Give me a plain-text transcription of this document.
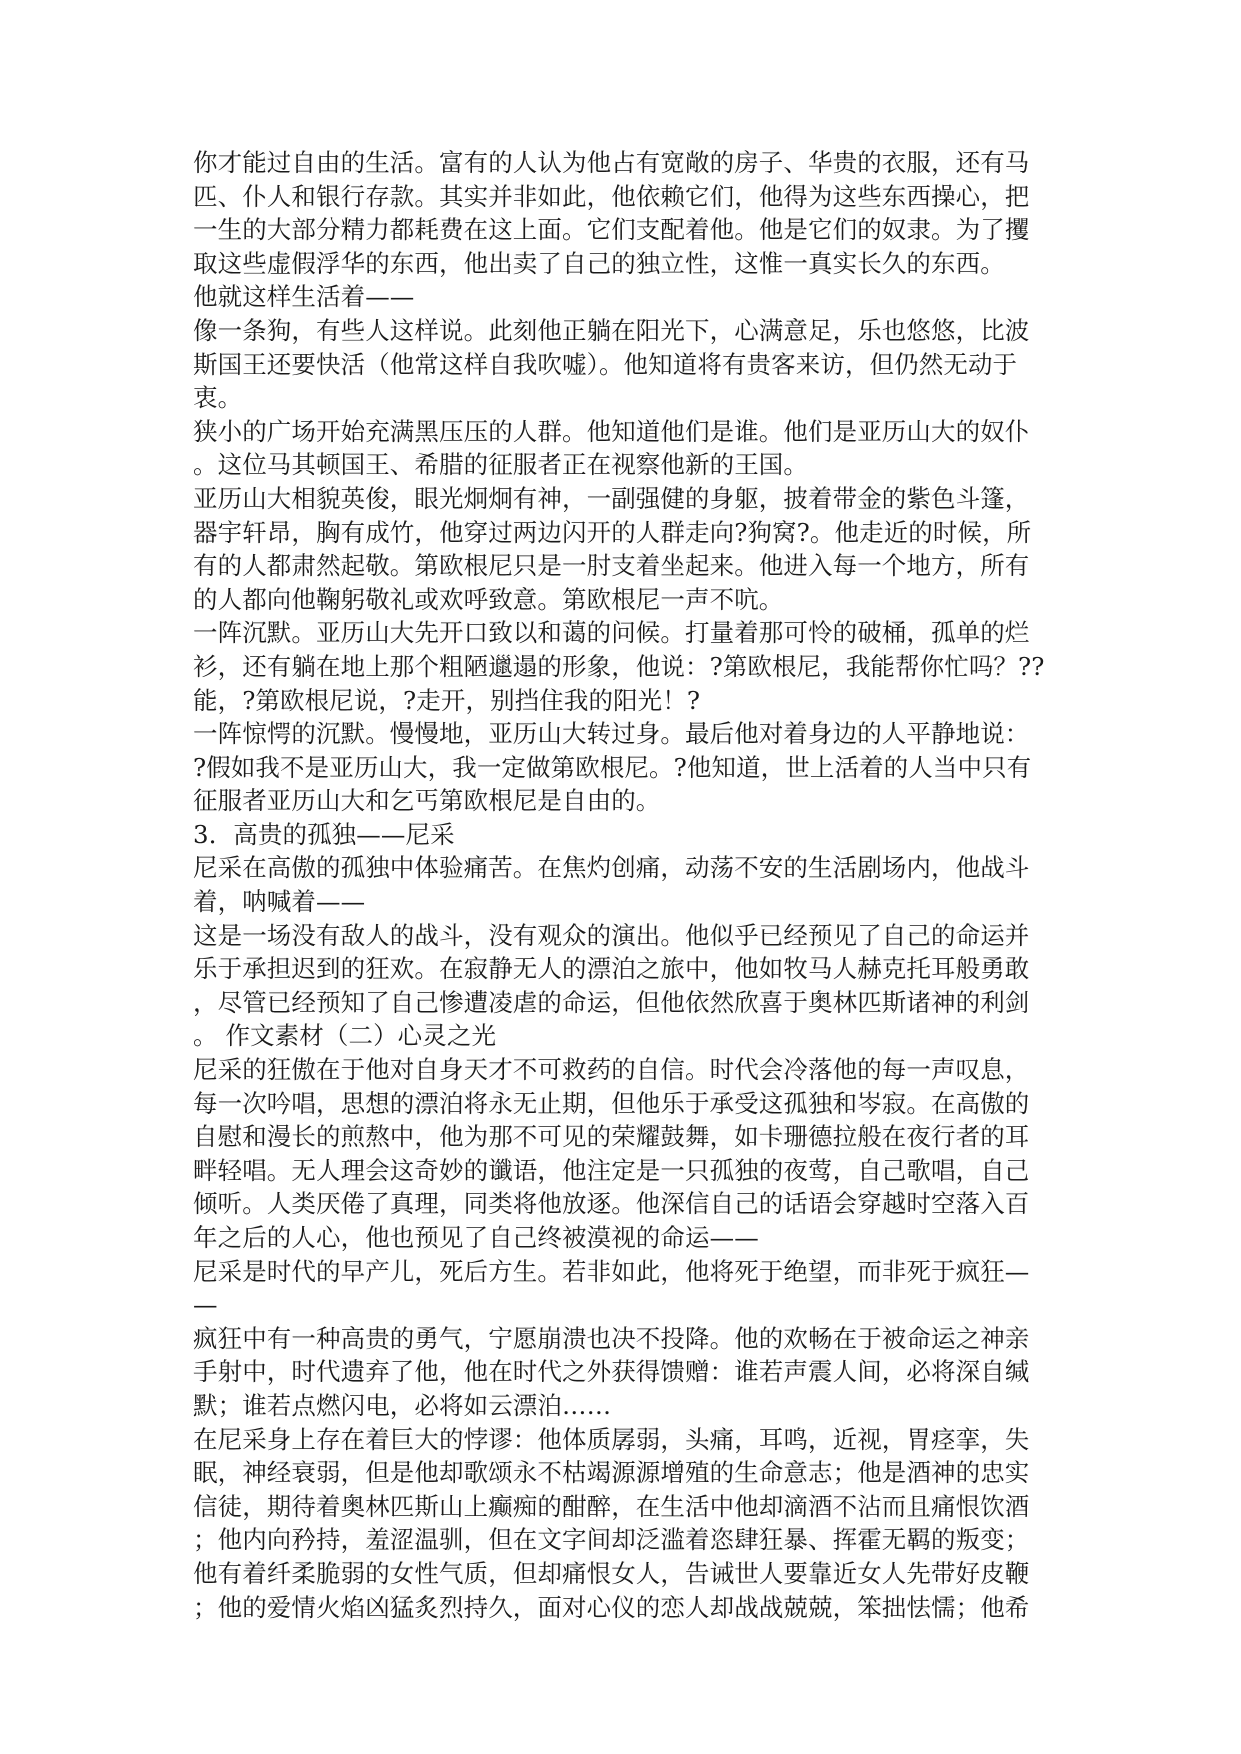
你才能过自由的生活。富有的人认为他占有宽敞的房子、华贵的衣服，还有马
匹、仆人和银行存款。其实并非如此，他依赖它们，他得为这些东西操心，把
一生的大部分精力都耗费在这上面。它们支配着他。他是它们的奴隶。为了攫
取这些虚假浮华的东西，他出卖了自己的独立性，这惟一真实长久的东西。
他就这样生活着——
像一条狗，有些人这样说。此刻他正躺在阳光下，心满意足，乐也悠悠，比波
斯国王还要快活（他常这样自我吹嘘）。他知道将有贵客来访，但仍然无动于
衷。
狭小的广场开始充满黑压压的人群。他知道他们是谁。他们是亚历山大的奴仆
。这位马其顿国王、希腊的征服者正在视察他新的王国。
亚历山大相貌英俊，眼光炯炯有神，一副强健的身躯，披着带金的紫色斗篷，
器宇轩昂，胸有成竹，他穿过两边闪开的人群走向?狗窝?。他走近的时候，所
有的人都肃然起敬。第欧根尼只是一肘支着坐起来。他进入每一个地方，所有
的人都向他鞠躬敬礼或欢呼致意。第欧根尼一声不吭。
一阵沉默。亚历山大先开口致以和蔼的问候。打量着那可怜的破桶，孤单的烂
衫，还有躺在地上那个粗陋邋遢的形象，他说：?第欧根尼，我能帮你忙吗？??
能，?第欧根尼说，?走开，别挡住我的阳光！?
一阵惊愕的沉默。慢慢地，亚历山大转过身。最后他对着身边的人平静地说：
?假如我不是亚历山大，我一定做第欧根尼。?他知道，世上活着的人当中只有
征服者亚历山大和乞丐第欧根尼是自由的。
3．高贵的孤独——尼采
尼采在高傲的孤独中体验痛苦。在焦灼创痛，动荡不安的生活剧场内，他战斗
着，呐喊着——
这是一场没有敌人的战斗，没有观众的演出。他似乎已经预见了自己的命运并
乐于承担迟到的狂欢。在寂静无人的漂泊之旅中，他如牧马人赫克托耳般勇敢
，尽管已经预知了自己惨遭凌虐的命运，但他依然欣喜于奥林匹斯诸神的利剑
。 作文素材（二）心灵之光
尼采的狂傲在于他对自身天才不可救药的自信。时代会冷落他的每一声叹息，
每一次吟唱，思想的漂泊将永无止期，但他乐于承受这孤独和岑寂。在高傲的
自慰和漫长的煎熬中，他为那不可见的荣耀鼓舞，如卡珊德拉般在夜行者的耳
畔轻唱。无人理会这奇妙的谶语，他注定是一只孤独的夜莺，自己歌唱，自己
倾听。人类厌倦了真理，同类将他放逐。他深信自己的话语会穿越时空落入百
年之后的人心，他也预见了自己终被漠视的命运——
尼采是时代的早产儿，死后方生。若非如此，他将死于绝望，而非死于疯狂—
—
疯狂中有一种高贵的勇气，宁愿崩溃也决不投降。他的欢畅在于被命运之神亲
手射中，时代遗弃了他，他在时代之外获得馈赠：谁若声震人间，必将深自缄
默；谁若点燃闪电，必将如云漂泊……
在尼采身上存在着巨大的悖谬：他体质孱弱，头痛，耳鸣，近视，胃痉挛，失
眠，神经衰弱，但是他却歌颂永不枯竭源源增殖的生命意志；他是酒神的忠实
信徒，期待着奥林匹斯山上癫痴的酣醉，在生活中他却滴酒不沾而且痛恨饮酒
；他内向矜持，羞涩温驯，但在文字间却泛滥着恣肆狂暴、挥霍无羁的叛变；
他有着纤柔脆弱的女性气质，但却痛恨女人，告诫世人要靠近女人先带好皮鞭
；他的爱情火焰凶猛炙烈持久，面对心仪的恋人却战战兢兢，笨拙怯懦；他希
